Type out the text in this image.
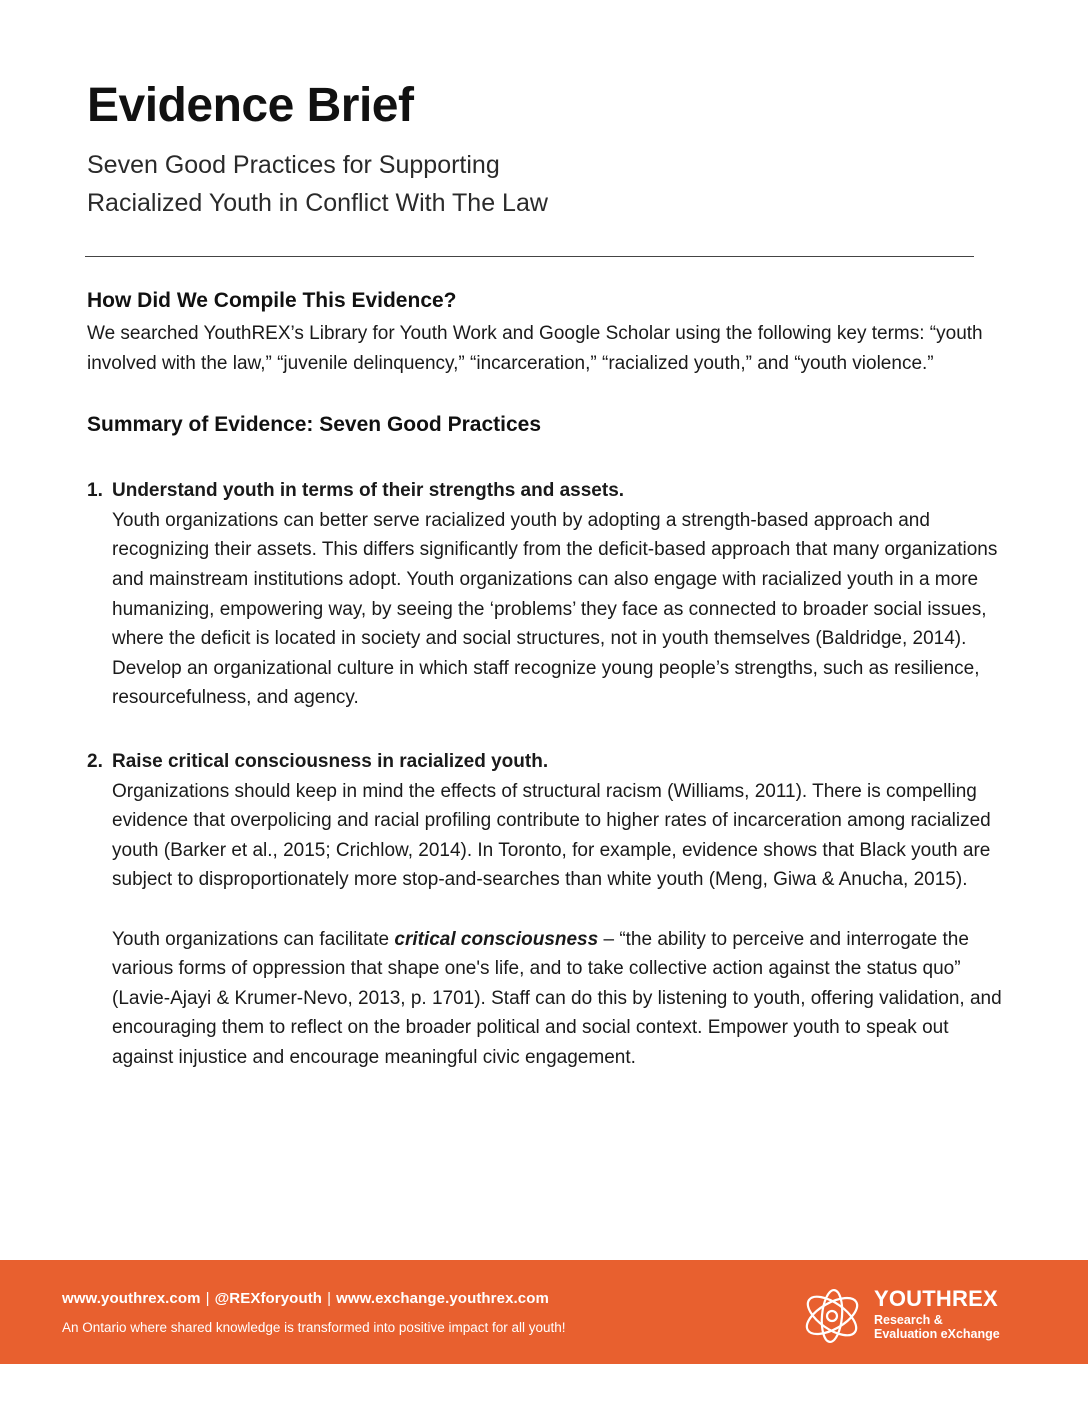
Evidence Brief
Seven Good Practices for Supporting
Racialized Youth in Conflict With The Law
How Did We Compile This Evidence?

We searched YouthREX’s Library for Youth Work and Google Scholar using the following key terms: “youth involved with the law,” “juvenile delinquency,” “incarceration,” “racialized youth,” and “youth violence.”

Summary of Evidence: Seven Good Practices
1. Understand youth in terms of their strengths and assets.

Youth organizations can better serve racialized youth by adopting a strength-based approach and recognizing their assets. This differs significantly from the deficit-based approach that many organizations and mainstream institutions adopt. Youth organizations can also engage with racialized youth in a more humanizing, empowering way, by seeing the ‘problems’ they face as connected to broader social issues, where the deficit is located in society and social structures, not in youth themselves (Baldridge, 2014). Develop an organizational culture in which staff recognize young people’s strengths, such as resilience, resourcefulness, and agency.

2. Raise critical consciousness in racialized youth.

Organizations should keep in mind the effects of structural racism (Williams, 2011). There is compelling evidence that overpolicing and racial profiling contribute to higher rates of incarceration among racialized youth (Barker et al., 2015; Crichlow, 2014). In Toronto, for example, evidence shows that Black youth are subject to disproportionately more stop-and-searches than white youth (Meng, Giwa & Anucha, 2015).

Youth organizations can facilitate critical consciousness – “the ability to perceive and interrogate the various forms of oppression that shape one's life, and to take collective action against the status quo” (Lavie-Ajayi & Krumer-Nevo, 2013, p. 1701). Staff can do this by listening to youth, offering validation, and encouraging them to reflect on the broader political and social context. Empower youth to speak out against injustice and encourage meaningful civic engagement.

www.youthrex.com | @REXforyouth | www.exchange.youthrex.com
An Ontario where shared knowledge is transformed into positive impact for all youth!
YOUTHREX
Research &
Evaluation eXchange
